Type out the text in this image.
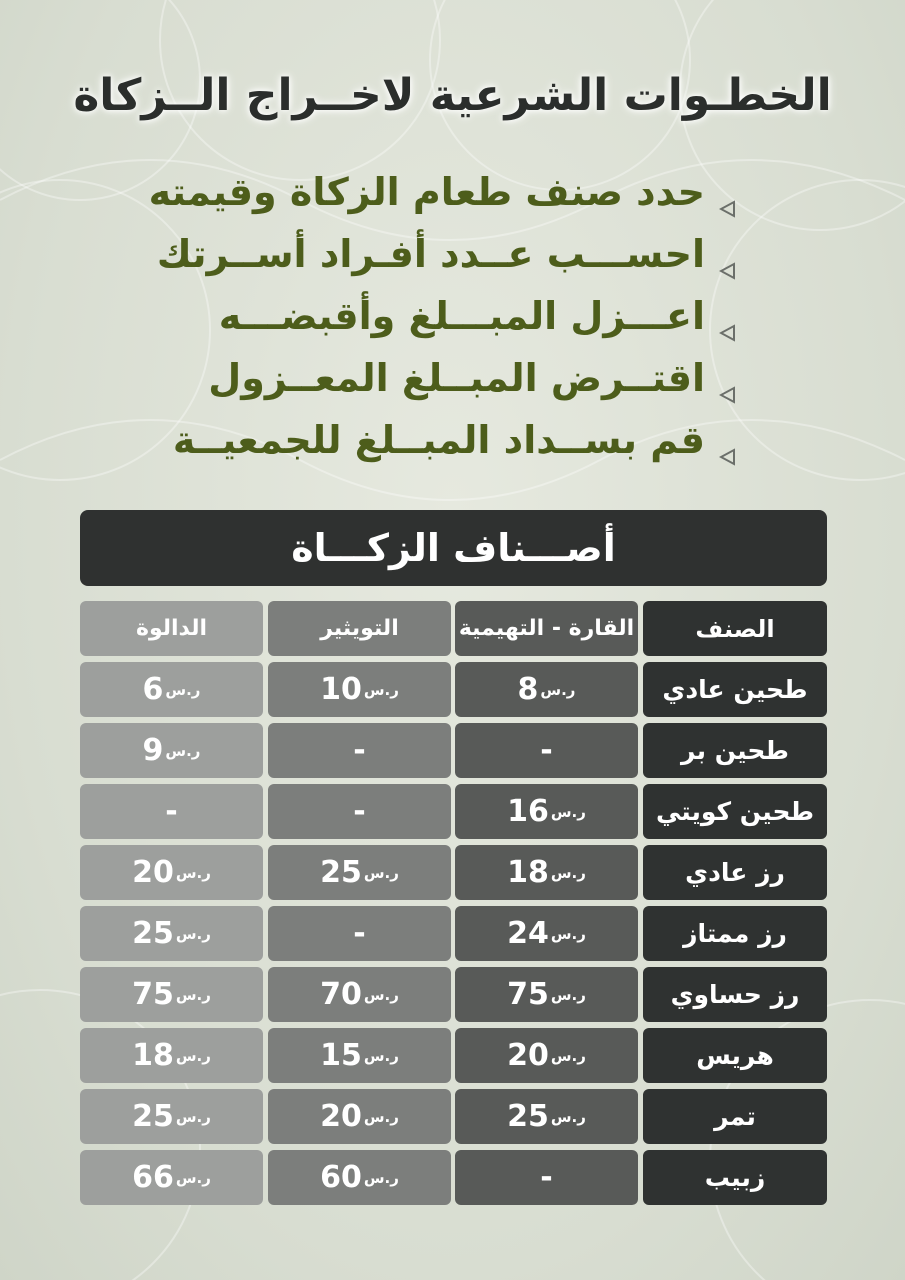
الخطـوات الشرعية لاخــراج الــزكاة
حدد صنف طعام الزكاة وقيمته
احســـب عــدد أفـراد أســرتك
اعـــزل المبـــلغ وأقبضـــه
اقتــرض المبــلغ المعــزول
قم بســداد المبــلغ للجمعيــة
أصـــناف الزكـــاة
الصنف
القارة - التهيمية
التويثير
الدالوة
طحين عادي
8 ر.س
10 ر.س
6 ر.س
طحين بر
-
-
9 ر.س
طحين كويتي
16 ر.س
-
-
رز عادي
18 ر.س
25 ر.س
20 ر.س
رز ممتاز
24 ر.س
-
25 ر.س
رز حساوي
75 ر.س
70 ر.س
75 ر.س
هريس
20 ر.س
15 ر.س
18 ر.س
تمر
25 ر.س
20 ر.س
25 ر.س
زبيب
-
60 ر.س
66 ر.س
